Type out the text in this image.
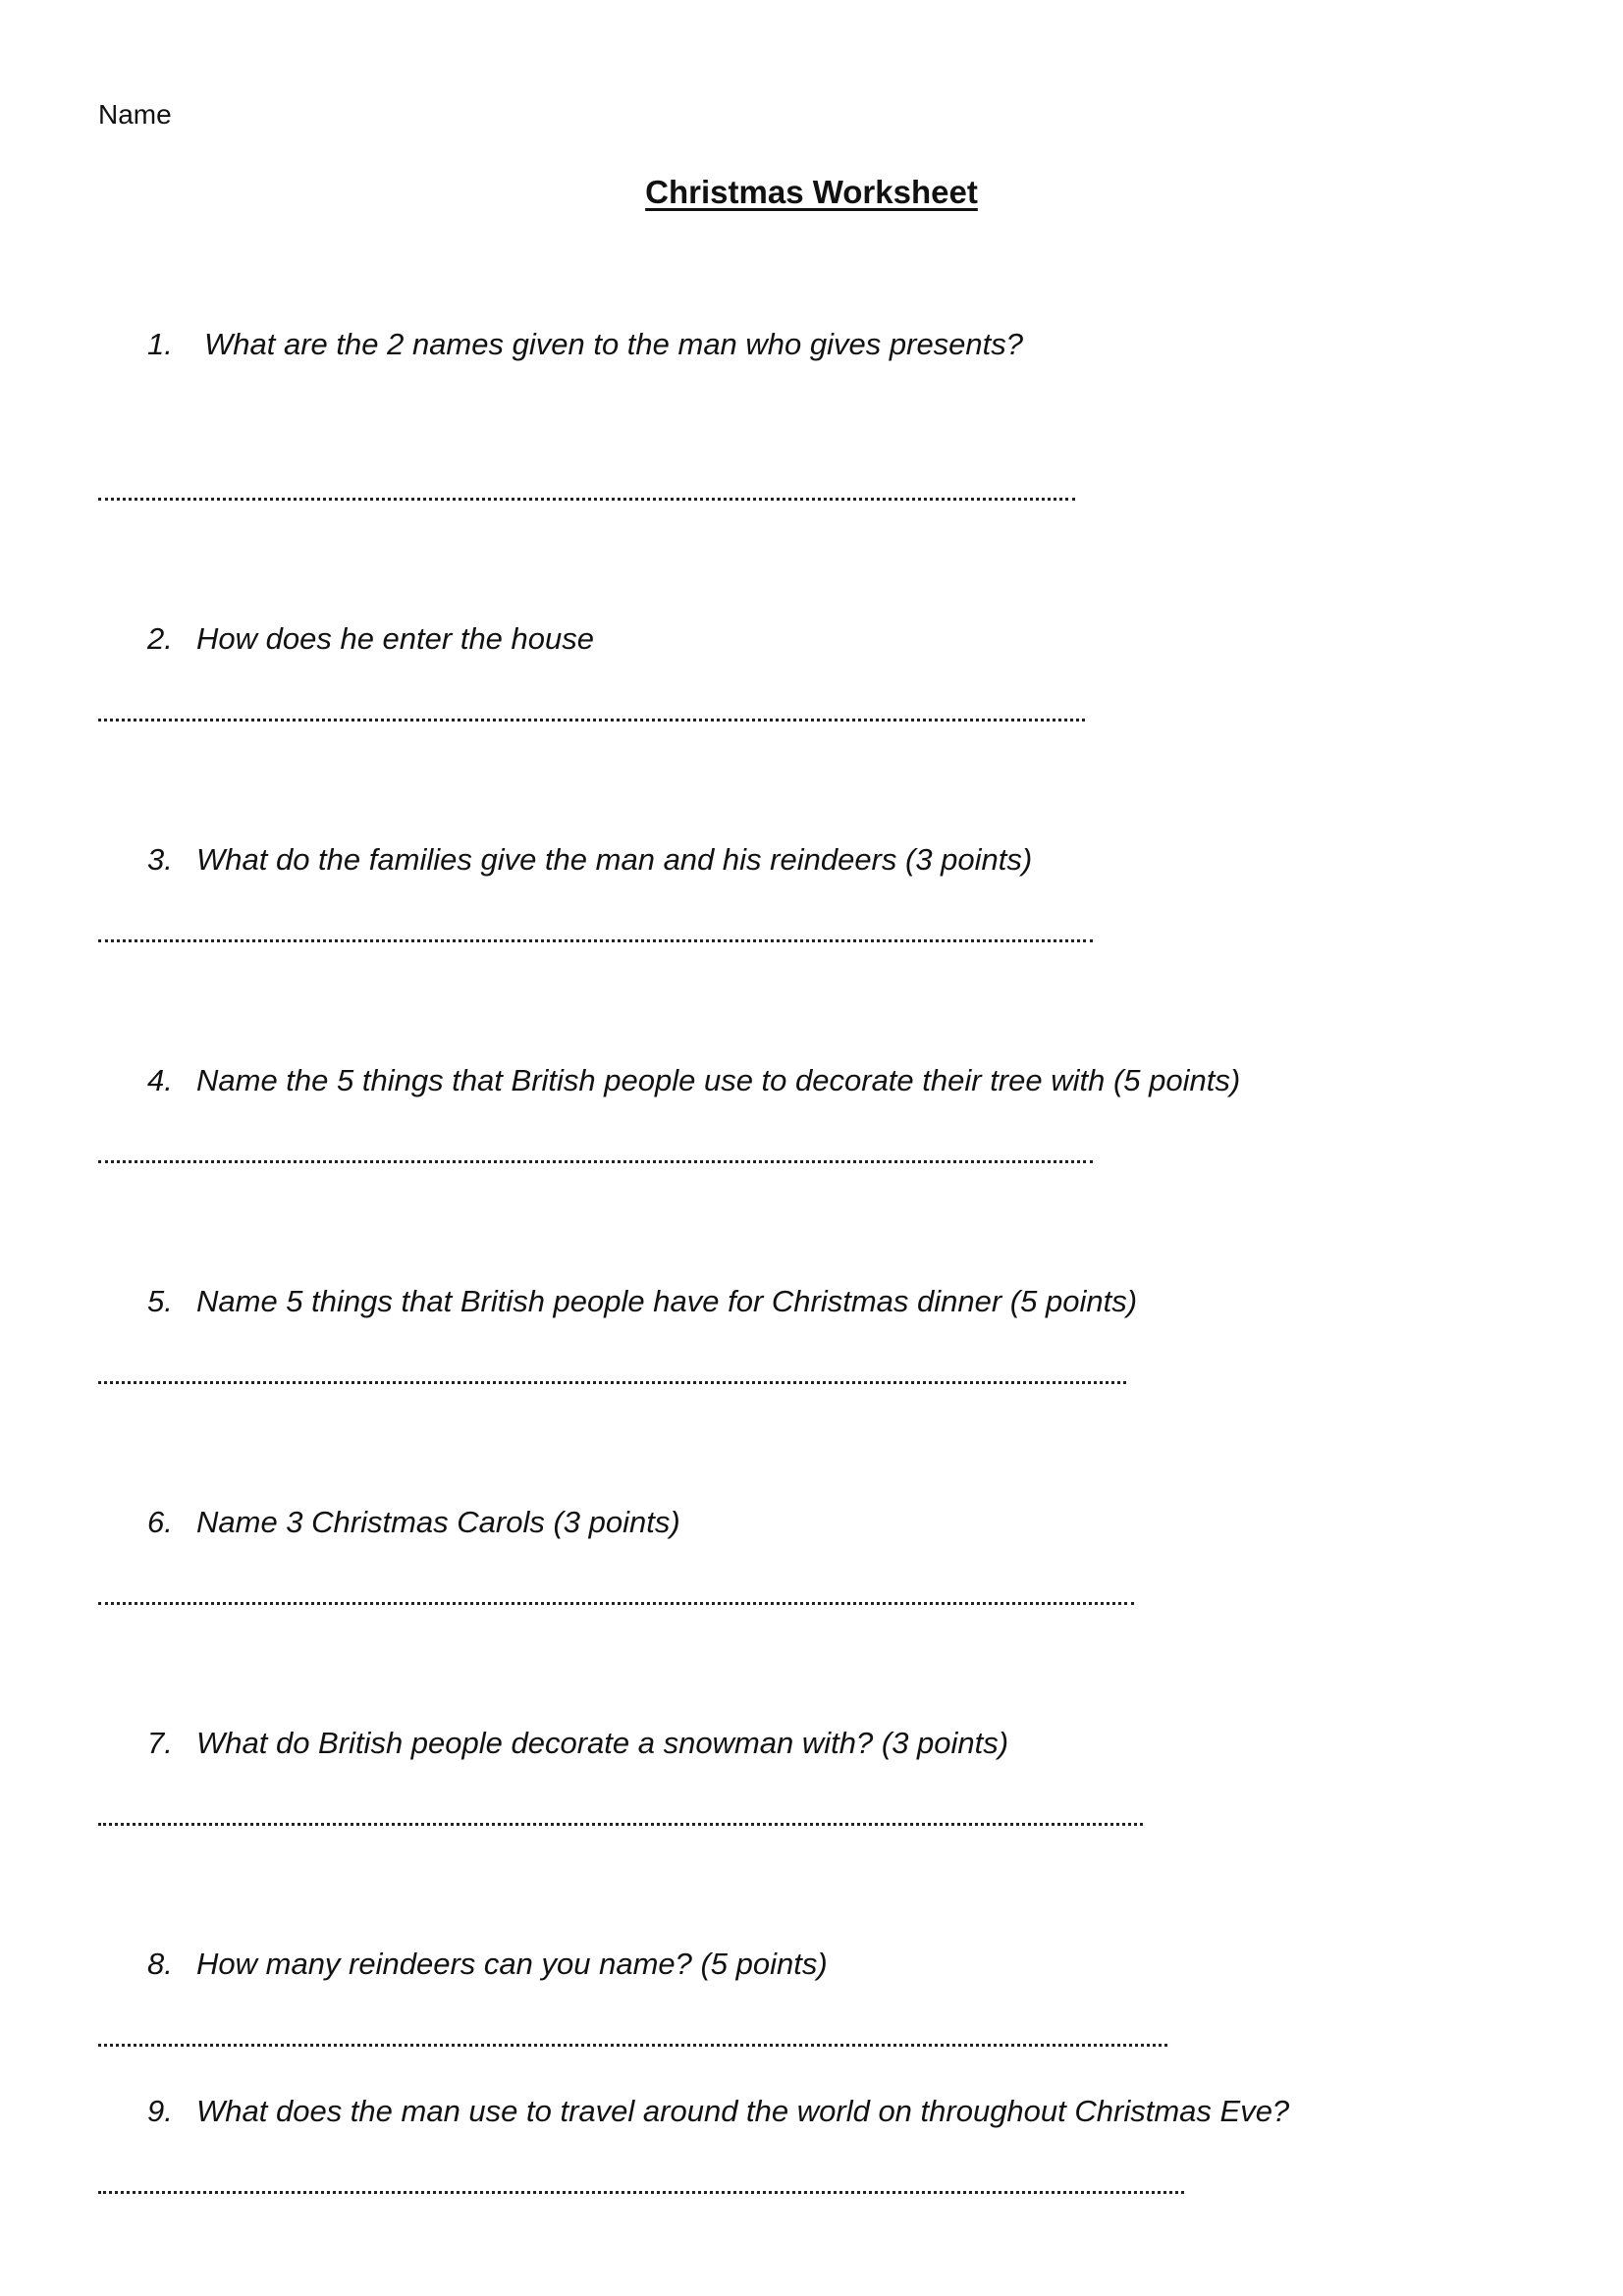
Name
Christmas Worksheet
1. What are the 2 names given to the man who gives presents?
2. How does he enter the house
3. What do the families give the man and his reindeers (3 points)
4. Name the 5 things that British people use to decorate their tree with (5 points)
5. Name 5 things that British people have for Christmas dinner (5 points)
6. Name 3 Christmas Carols (3 points)
7. What do British people decorate a snowman with? (3 points)
8. How many reindeers can you name? (5 points)
9. What does the man use to travel around the world on throughout Christmas Eve?
